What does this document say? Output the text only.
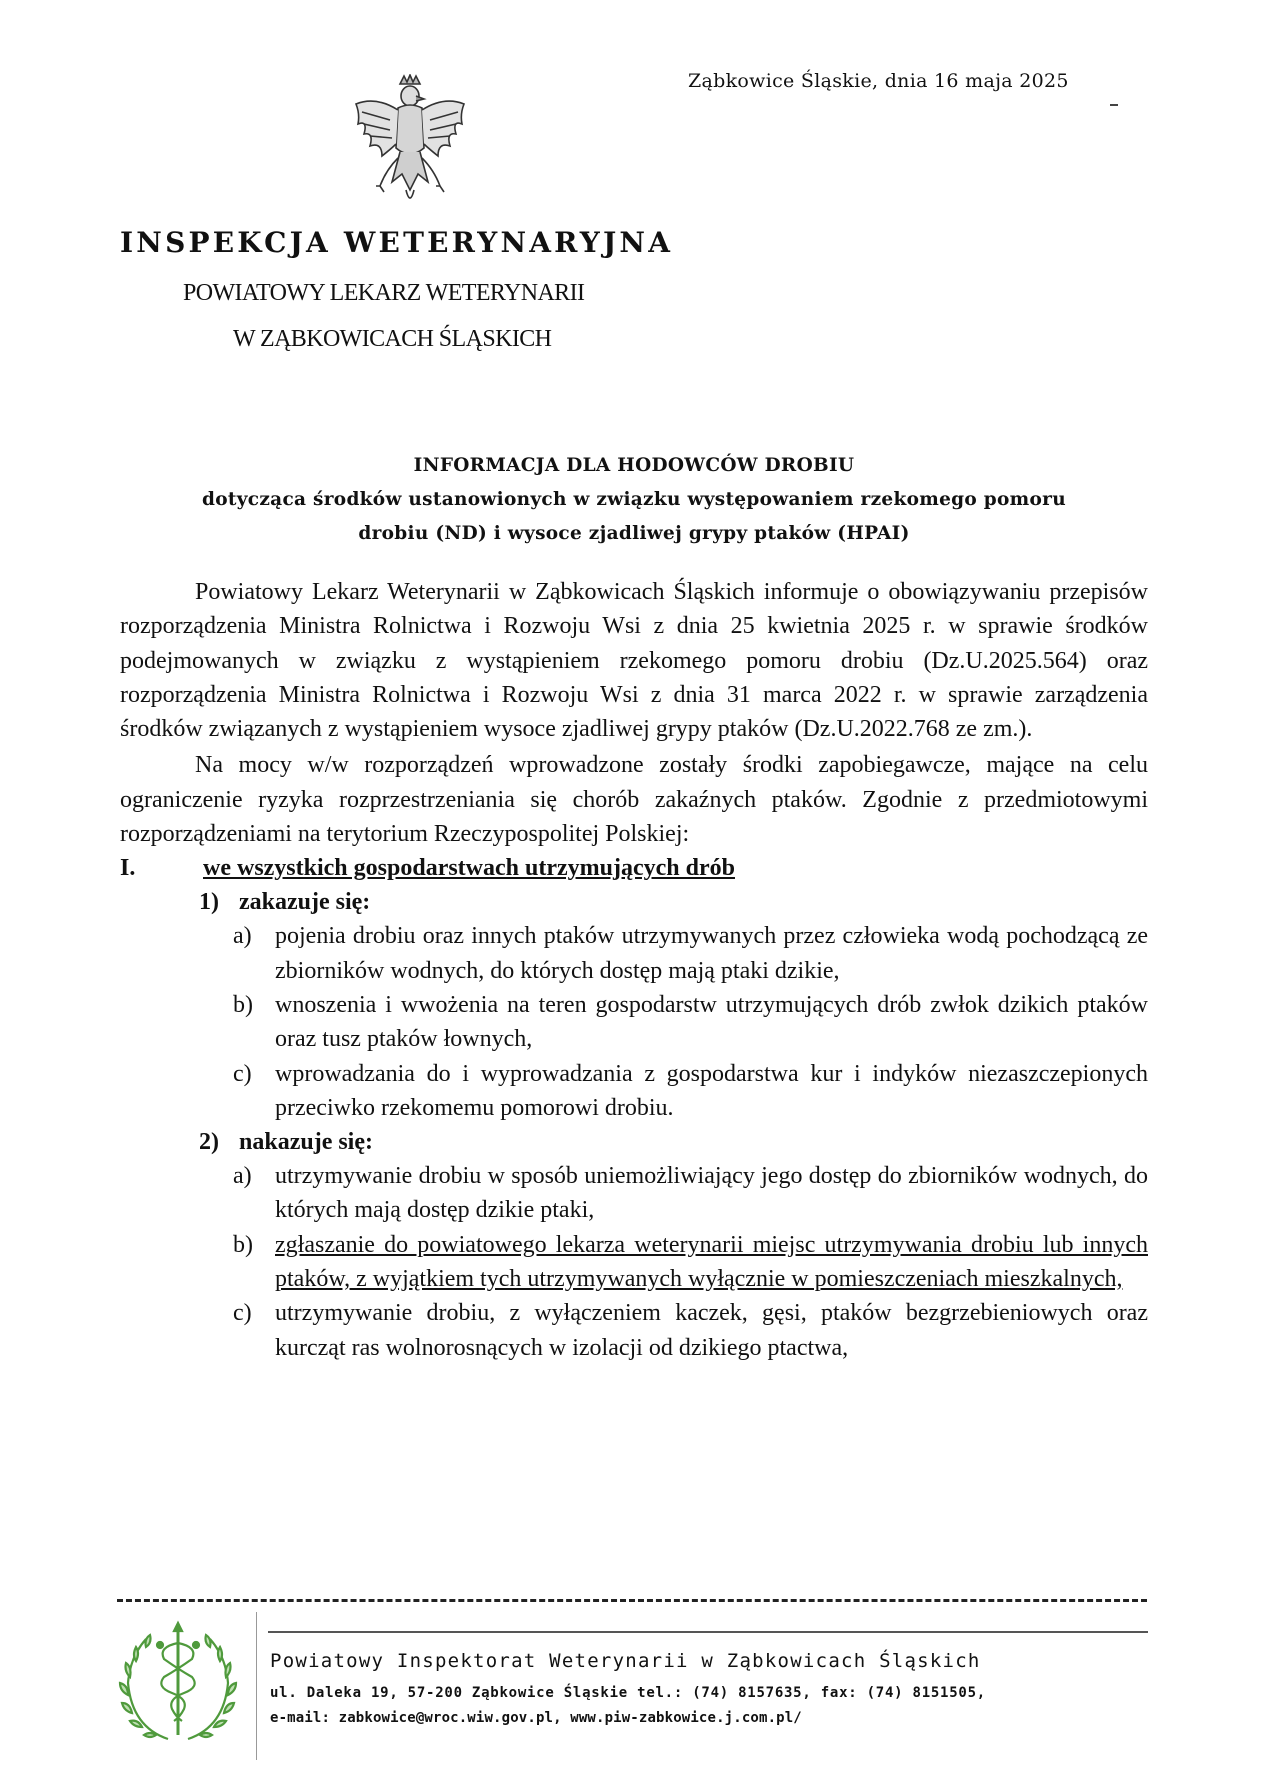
Ząbkowice Śląskie, dnia 16 maja 2025
INSPEKCJA WETERYNARYJNA
POWIATOWY LEKARZ WETERYNARII
W ZĄBKOWICACH ŚLĄSKICH
INFORMACJA DLA HODOWCÓW DROBIU
dotycząca środków ustanowionych w związku występowaniem rzekomego pomoru
drobiu (ND) i wysoce zjadliwej grypy ptaków (HPAI)

Powiatowy Lekarz Weterynarii w Ząbkowicach Śląskich informuje o obowiązywaniu przepisów rozporządzenia Ministra Rolnictwa i Rozwoju Wsi z dnia 25 kwietnia 2025 r. w sprawie środków podejmowanych w związku z wystąpieniem rzekomego pomoru drobiu (Dz.U.2025.564) oraz rozporządzenia Ministra Rolnictwa i Rozwoju Wsi z dnia 31 marca 2022 r. w sprawie zarządzenia środków związanych z wystąpieniem wysoce zjadliwej grypy ptaków (Dz.U.2022.768 ze zm.).

Na mocy w/w rozporządzeń wprowadzone zostały środki zapobiegawcze, mające na celu ograniczenie ryzyka rozprzestrzeniania się chorób zakaźnych ptaków. Zgodnie z przedmiotowymi rozporządzeniami na terytorium Rzeczypospolitej Polskiej:

I.	we wszystkich gospodarstwach utrzymujących drób
1) zakazuje się:
a) pojenia drobiu oraz innych ptaków utrzymywanych przez człowieka wodą pochodzącą ze zbiorników wodnych, do których dostęp mają ptaki dzikie,
b) wnoszenia i wwożenia na teren gospodarstw utrzymujących drób zwłok dzikich ptaków oraz tusz ptaków łownych,
c) wprowadzania do i wyprowadzania z gospodarstwa kur i indyków niezaszczepionych przeciwko rzekomemu pomorowi drobiu.
2) nakazuje się:
a) utrzymywanie drobiu w sposób uniemożliwiający jego dostęp do zbiorników wodnych, do których mają dostęp dzikie ptaki,
b) zgłaszanie do powiatowego lekarza weterynarii miejsc utrzymywania drobiu lub innych ptaków, z wyjątkiem tych utrzymywanych wyłącznie w pomieszczeniach mieszkalnych,
c) utrzymywanie drobiu, z wyłączeniem kaczek, gęsi, ptaków bezgrzebieniowych oraz kurcząt ras wolnorosnących w izolacji od dzikiego ptactwa,
Powiatowy Inspektorat Weterynarii w Ząbkowicach Śląskich
ul. Daleka 19, 57-200 Ząbkowice Śląskie tel.: (74) 8157635, fax: (74) 8151505,
e-mail: zabkowice@wroc.wiw.gov.pl, www.piw-zabkowice.j.com.pl/
